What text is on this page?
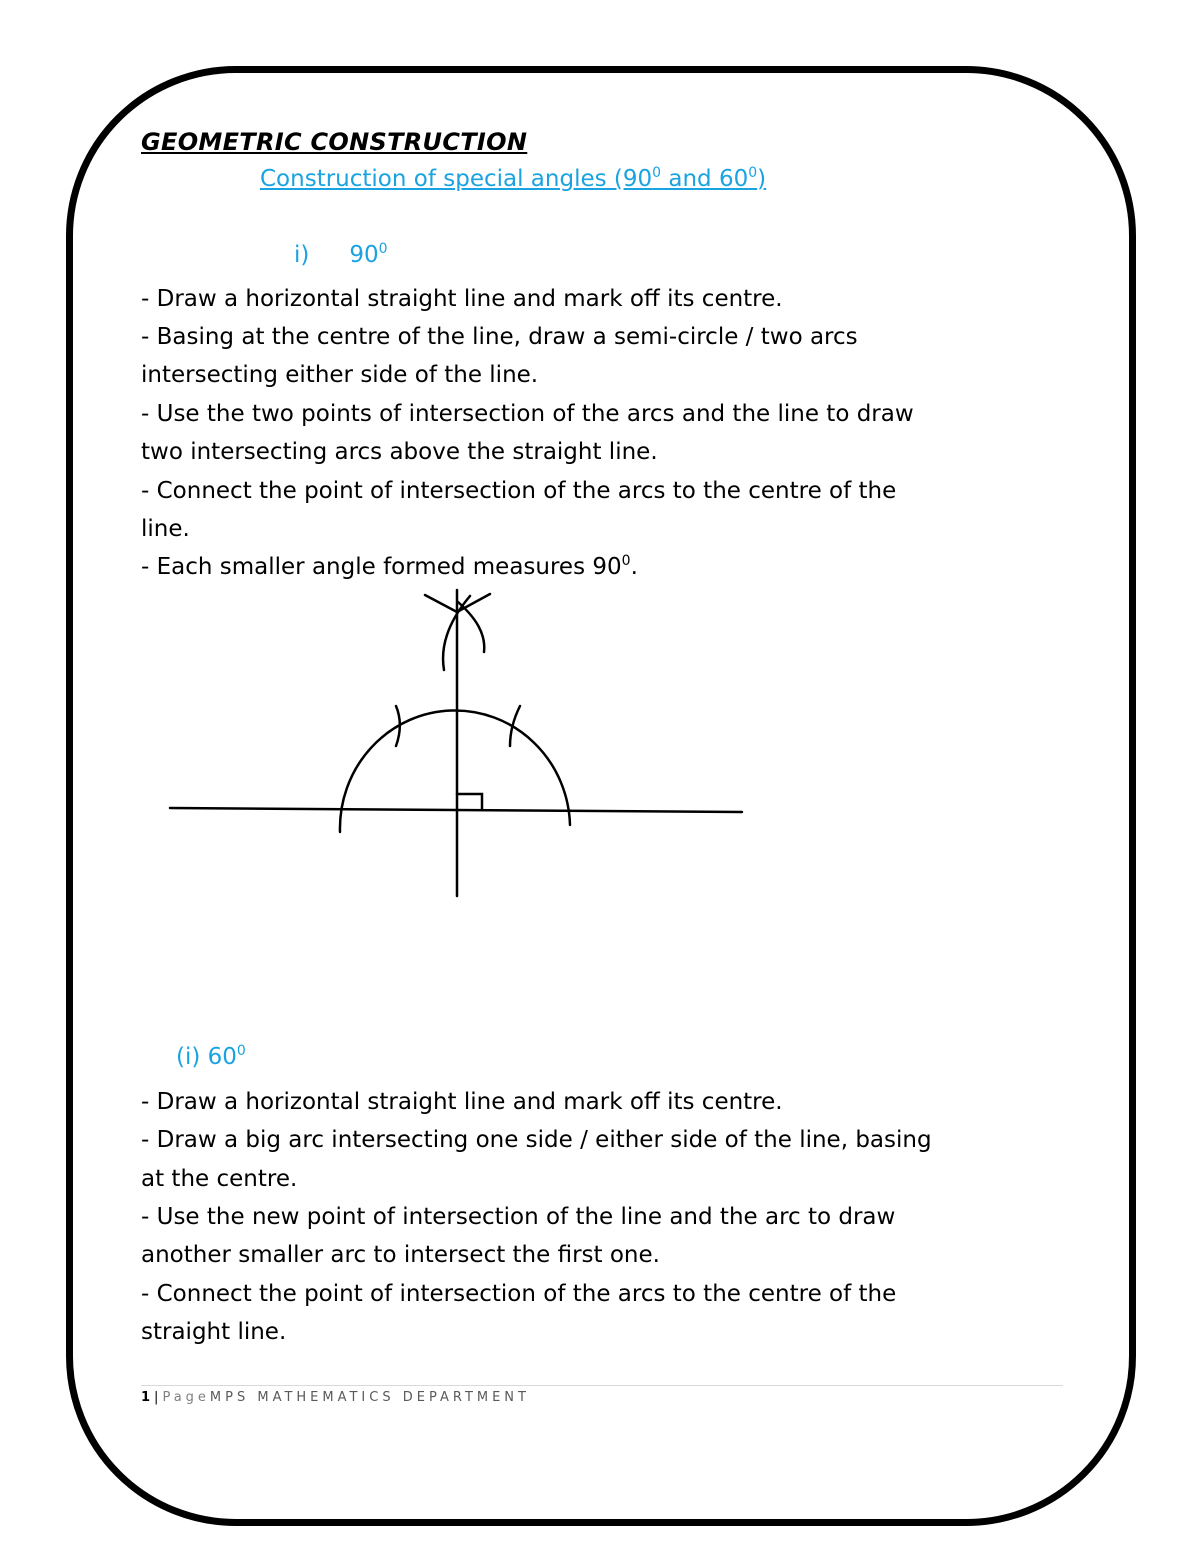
GEOMETRIC CONSTRUCTION
Construction of special angles ($90^0$ and $60^0$)
i) $90^0$
- Draw a horizontal straight line and mark off its centre.
- Basing at the centre of the line, draw a semi-circle / two arcs
intersecting either side of the line.
- Use the two points of intersection of the arcs and the line to draw
two intersecting arcs above the straight line.
- Connect the point of intersection of the arcs to the centre of the
line.
- Each smaller angle formed measures $90^0$.
(i) $60^0$
- Draw a horizontal straight line and mark off its centre.
- Draw a big arc intersecting one side / either side of the line, basing
at the centre.
- Use the new point of intersection of the line and the arc to draw
another smaller arc to intersect the first one.
- Connect the point of intersection of the arcs to the centre of the
straight line.
1|PageMPS MATHEMATICS DEPARTMENT
